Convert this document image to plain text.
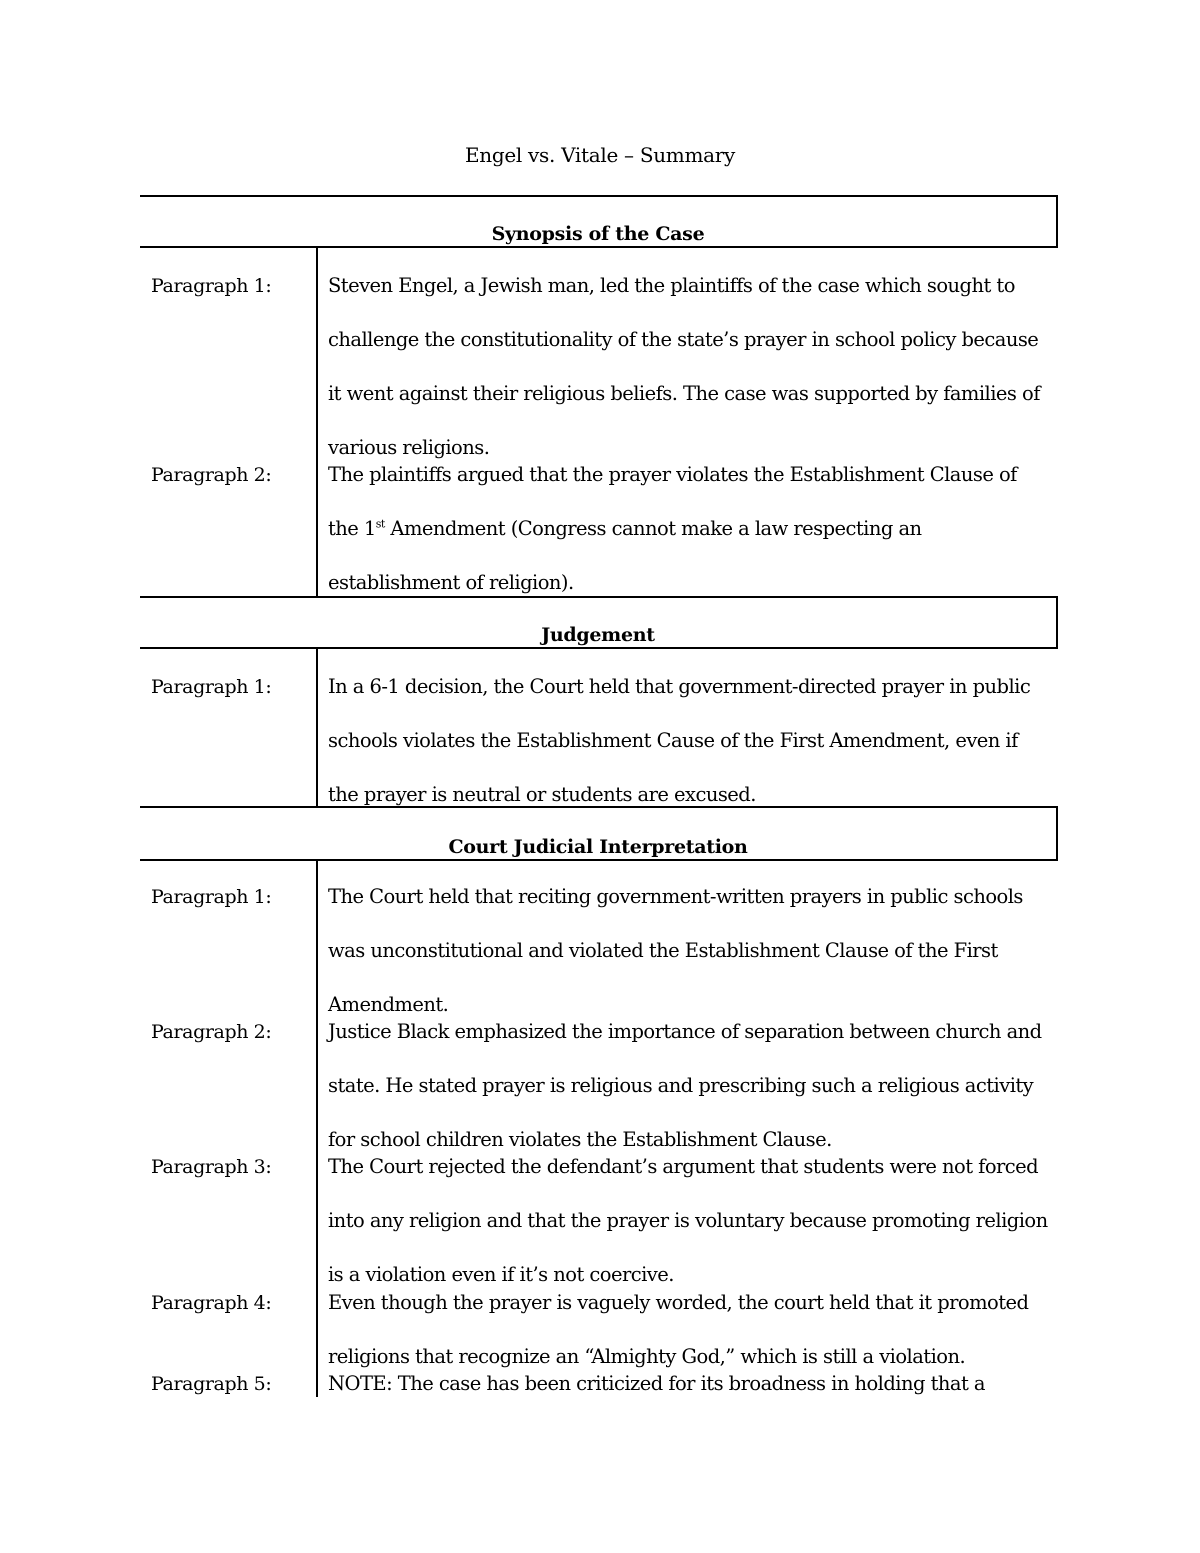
Engel vs. Vitale – Summary
Synopsis of the Case
Paragraph 1:	Steven Engel, a Jewish man, led the plaintiffs of the case which sought to
challenge the constitutionality of the state’s prayer in school policy because
it went against their religious beliefs. The case was supported by families of
various religions.
Paragraph 2:	The plaintiffs argued that the prayer violates the Establishment Clause of
the 1st Amendment (Congress cannot make a law respecting an
establishment of religion).
Judgement
Paragraph 1:	In a 6-1 decision, the Court held that government-directed prayer in public
schools violates the Establishment Cause of the First Amendment, even if
the prayer is neutral or students are excused.
Court Judicial Interpretation
Paragraph 1:	The Court held that reciting government-written prayers in public schools
was unconstitutional and violated the Establishment Clause of the First
Amendment.
Paragraph 2:	Justice Black emphasized the importance of separation between church and
state. He stated prayer is religious and prescribing such a religious activity
for school children violates the Establishment Clause.
Paragraph 3:	The Court rejected the defendant’s argument that students were not forced
into any religion and that the prayer is voluntary because promoting religion
is a violation even if it’s not coercive.
Paragraph 4:	Even though the prayer is vaguely worded, the court held that it promoted
religions that recognize an “Almighty God,” which is still a violation.
Paragraph 5:	NOTE: The case has been criticized for its broadness in holding that a
